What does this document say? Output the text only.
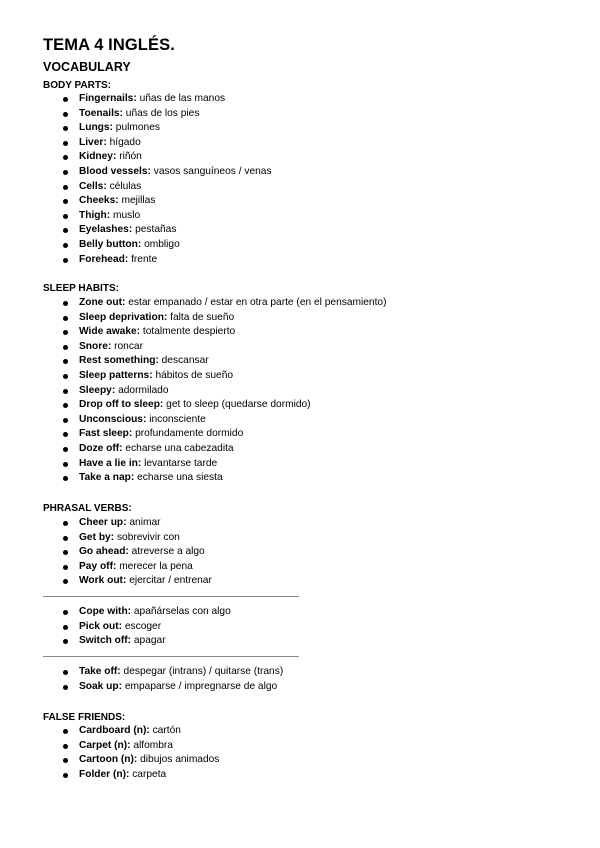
TEMA 4 INGLÉS.
VOCABULARY
BODY PARTS:
Fingernails: uñas de las manos
Toenails: uñas de los pies
Lungs: pulmones
Liver: hígado
Kidney: riñón
Blood vessels: vasos sanguíneos / venas
Cells: células
Cheeks: mejillas
Thigh: muslo
Eyelashes: pestañas
Belly button: ombligo
Forehead: frente
SLEEP HABITS:
Zone out: estar empanado / estar en otra parte (en el pensamiento)
Sleep deprivation: falta de sueño
Wide awake: totalmente despierto
Snore: roncar
Rest something: descansar
Sleep patterns: hábitos de sueño
Sleepy: adormilado
Drop off to sleep: get to sleep (quedarse dormido)
Unconscious: inconsciente
Fast sleep: profundamente dormido
Doze off: echarse una cabezadita
Have a lie in: levantarse tarde
Take a nap: echarse una siesta
PHRASAL VERBS:
Cheer up: animar
Get by: sobrevivir con
Go ahead: atreverse a algo
Pay off: merecer la pena
Work out: ejercitar / entrenar
Cope with: apañárselas con algo
Pick out: escoger
Switch off: apagar
Take off: despegar (intrans) / quitarse (trans)
Soak up: empaparse / impregnarse de algo
FALSE FRIENDS:
Cardboard (n): cartón
Carpet (n): alfombra
Cartoon (n): dibujos animados
Folder (n): carpeta
